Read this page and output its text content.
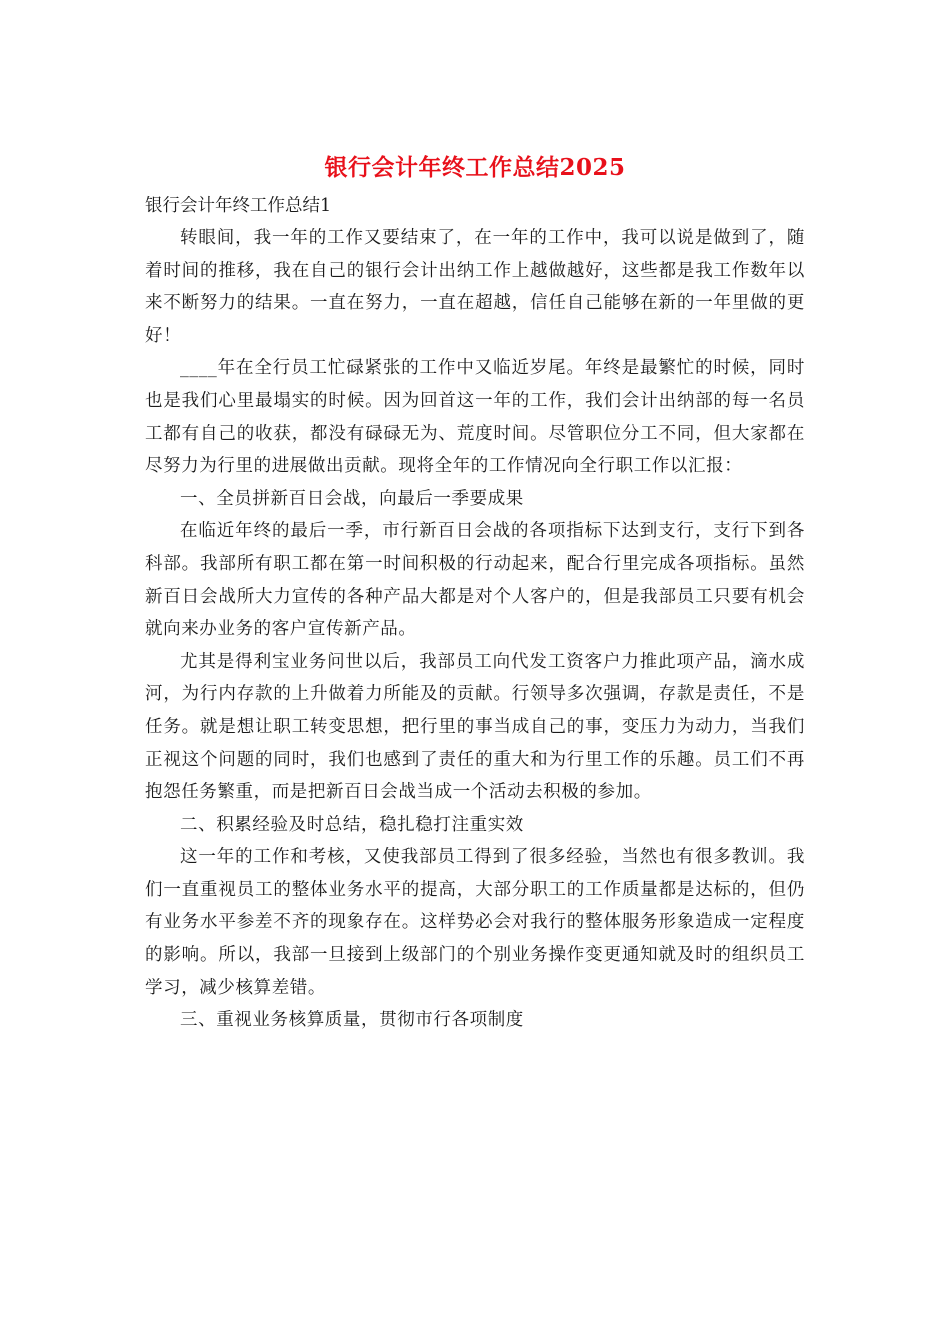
银行会计年终工作总结2025

银行会计年终工作总结1

转眼间，我一年的工作又要结束了，在一年的工作中，我可以说是做到了，随着时间的推移，我在自己的银行会计出纳工作上越做越好，这些都是我工作数年以来不断努力的结果。一直在努力，一直在超越，信任自己能够在新的一年里做的更好！

____年在全行员工忙碌紧张的工作中又临近岁尾。年终是最繁忙的时候，同时也是我们心里最塌实的时候。因为回首这一年的工作，我们会计出纳部的每一名员工都有自己的收获，都没有碌碌无为、荒度时间。尽管职位分工不同，但大家都在尽努力为行里的进展做出贡献。现将全年的工作情况向全行职工作以汇报：

一、全员拼新百日会战，向最后一季要成果

在临近年终的最后一季，市行新百日会战的各项指标下达到支行，支行下到各科部。我部所有职工都在第一时间积极的行动起来，配合行里完成各项指标。虽然新百日会战所大力宣传的各种产品大都是对个人客户的，但是我部员工只要有机会就向来办业务的客户宣传新产品。

尤其是得利宝业务问世以后，我部员工向代发工资客户力推此项产品，滴水成河，为行内存款的上升做着力所能及的贡献。行领导多次强调，存款是责任，不是任务。就是想让职工转变思想，把行里的事当成自己的事，变压力为动力，当我们正视这个问题的同时，我们也感到了责任的重大和为行里工作的乐趣。员工们不再抱怨任务繁重，而是把新百日会战当成一个活动去积极的参加。

二、积累经验及时总结，稳扎稳打注重实效

这一年的工作和考核，又使我部员工得到了很多经验，当然也有很多教训。我们一直重视员工的整体业务水平的提高，大部分职工的工作质量都是达标的，但仍有业务水平参差不齐的现象存在。这样势必会对我行的整体服务形象造成一定程度的影响。所以，我部一旦接到上级部门的个别业务操作变更通知就及时的组织员工学习，减少核算差错。

三、重视业务核算质量，贯彻市行各项制度
